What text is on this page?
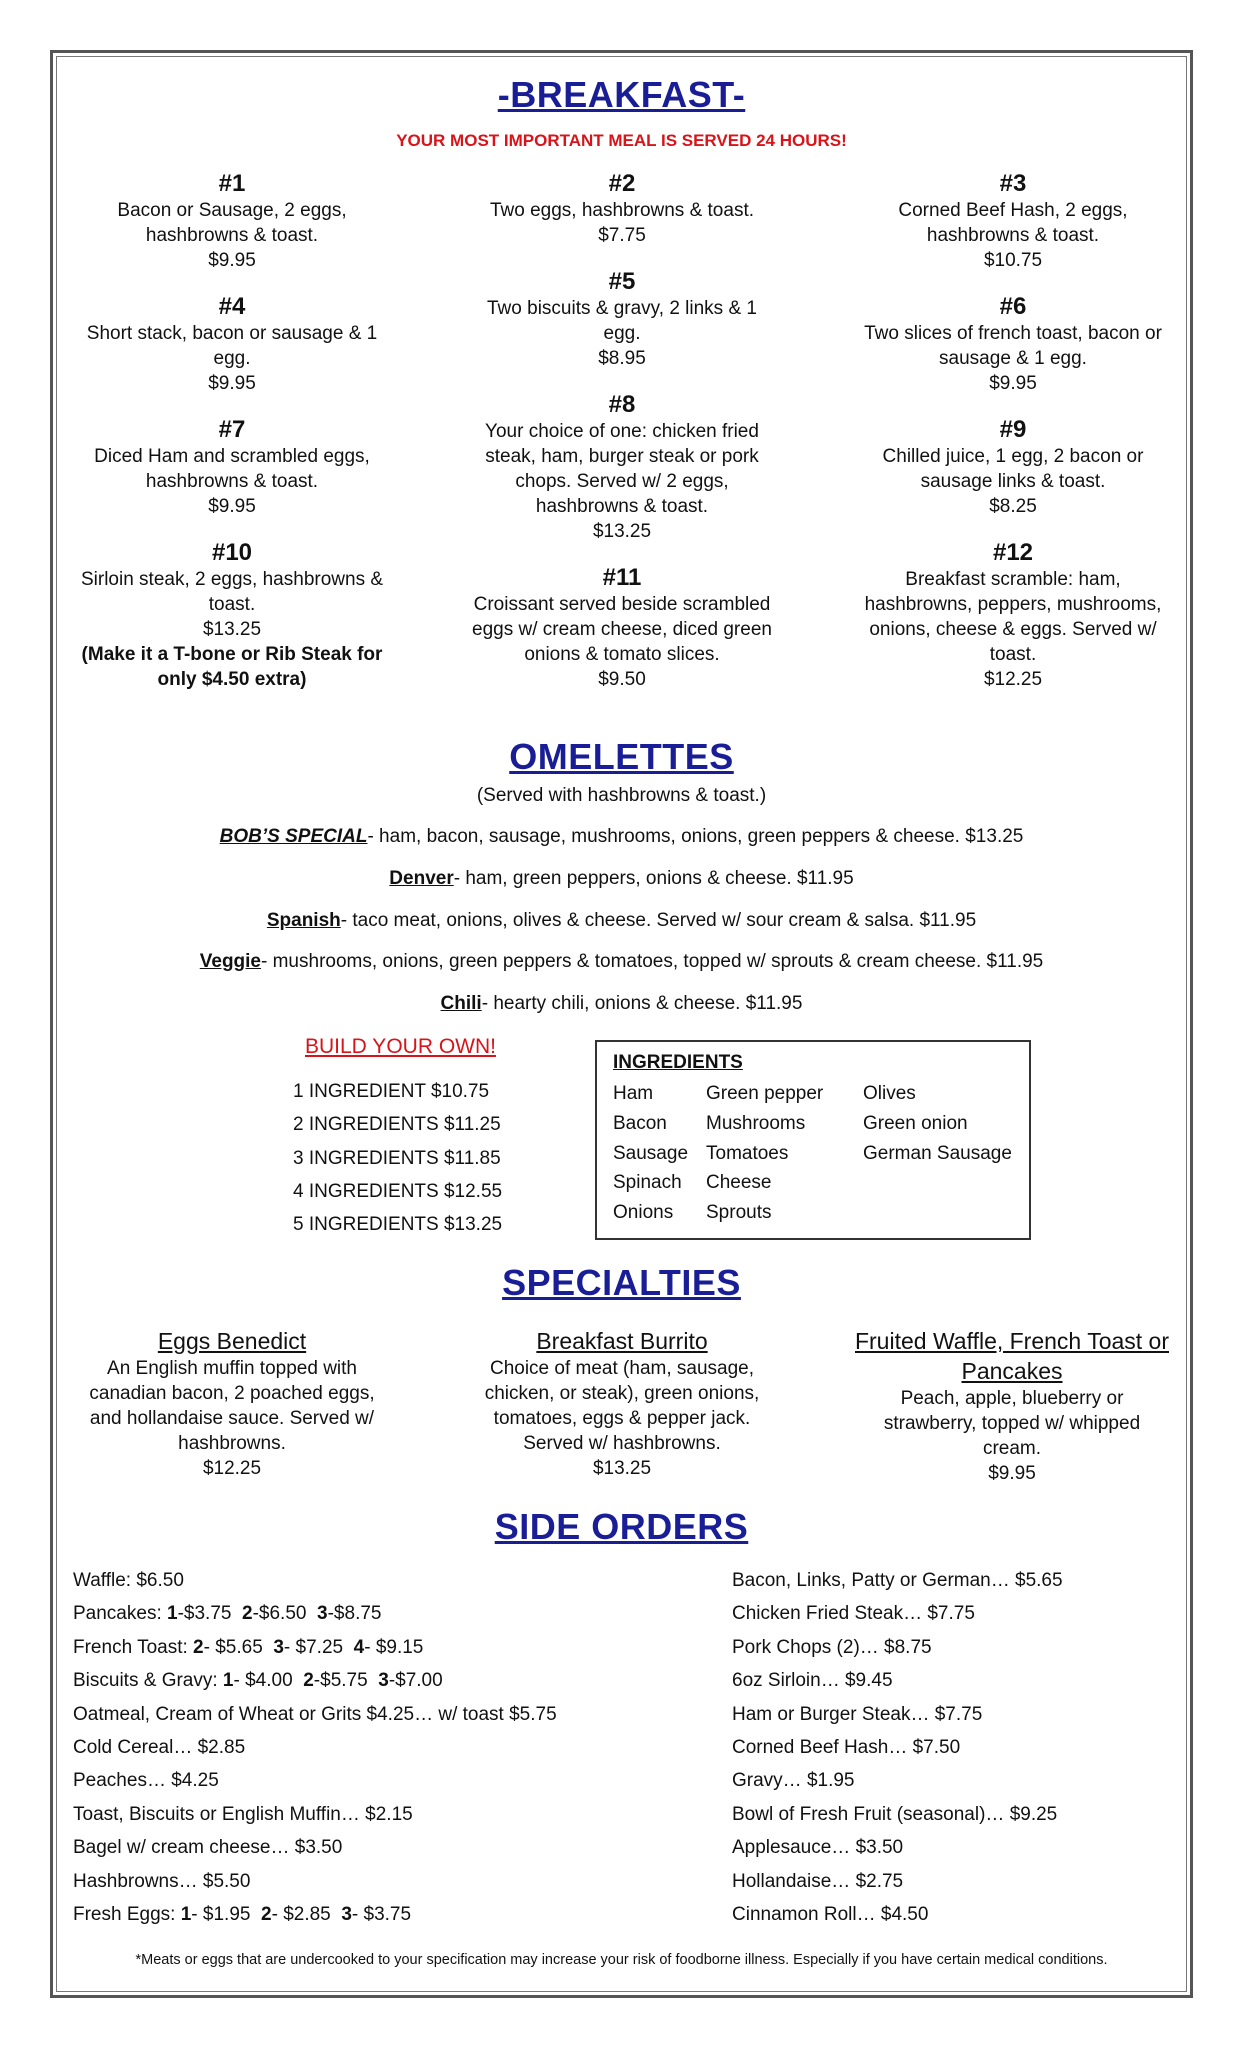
-BREAKFAST-
YOUR MOST IMPORTANT MEAL IS SERVED 24 HOURS!
#1
Bacon or Sausage, 2 eggs, hashbrowns & toast.
$9.95
#4
Short stack, bacon or sausage & 1 egg.
$9.95
#7
Diced Ham and scrambled eggs, hashbrowns & toast.
$9.95
#10
Sirloin steak, 2 eggs, hashbrowns & toast.
$13.25
(Make it a T-bone or Rib Steak for only $4.50 extra)
#2
Two eggs, hashbrowns & toast.
$7.75
#5
Two biscuits & gravy, 2 links & 1 egg.
$8.95
#8
Your choice of one: chicken fried steak, ham, burger steak or pork chops. Served w/ 2 eggs, hashbrowns & toast.
$13.25
#11
Croissant served beside scrambled eggs w/ cream cheese, diced green onions & tomato slices.
$9.50
#3
Corned Beef Hash, 2 eggs, hashbrowns & toast.
$10.75
#6
Two slices of french toast, bacon or sausage & 1 egg.
$9.95
#9
Chilled juice, 1 egg, 2 bacon or sausage links & toast.
$8.25
#12
Breakfast scramble: ham, hashbrowns, peppers, mushrooms, onions, cheese & eggs. Served w/ toast.
$12.25
OMELETTES
(Served with hashbrowns & toast.)
BOB’S SPECIAL- ham, bacon, sausage, mushrooms, onions, green peppers & cheese. $13.25
Denver- ham, green peppers, onions & cheese. $11.95
Spanish- taco meat, onions, olives & cheese. Served w/ sour cream & salsa. $11.95
Veggie- mushrooms, onions, green peppers & tomatoes, topped w/ sprouts & cream cheese. $11.95
Chili- hearty chili, onions & cheese. $11.95
BUILD YOUR OWN!
1 INGREDIENT $10.75
2 INGREDIENTS $11.25
3 INGREDIENTS $11.85
4 INGREDIENTS $12.55
5 INGREDIENTS $13.25
INGREDIENTS
Ham
Bacon
Sausage
Spinach
Onions
Green pepper
Mushrooms
Tomatoes
Cheese
Sprouts
Olives
Green onion
German Sausage
SPECIALTIES
Eggs Benedict
An English muffin topped with canadian bacon, 2 poached eggs, and hollandaise sauce. Served w/ hashbrowns.
$12.25
Breakfast Burrito
Choice of meat (ham, sausage, chicken, or steak), green onions, tomatoes, eggs & pepper jack. Served w/ hashbrowns.
$13.25
Fruited Waffle, French Toast or Pancakes
Peach, apple, blueberry or strawberry, topped w/ whipped cream.
$9.95
SIDE ORDERS
Waffle: $6.50
Pancakes: 1-$3.75  2-$6.50  3-$8.75
French Toast: 2- $5.65  3- $7.25  4- $9.15
Biscuits & Gravy: 1- $4.00  2-$5.75  3-$7.00
Oatmeal, Cream of Wheat or Grits $4.25… w/ toast $5.75
Cold Cereal… $2.85
Peaches… $4.25
Toast, Biscuits or English Muffin… $2.15
Bagel w/ cream cheese… $3.50
Hashbrowns… $5.50
Fresh Eggs: 1- $1.95  2- $2.85  3- $3.75
Bacon, Links, Patty or German… $5.65
Chicken Fried Steak… $7.75
Pork Chops (2)… $8.75
6oz Sirloin… $9.45
Ham or Burger Steak… $7.75
Corned Beef Hash… $7.50
Gravy… $1.95
Bowl of Fresh Fruit (seasonal)… $9.25
Applesauce… $3.50
Hollandaise… $2.75
Cinnamon Roll… $4.50
*Meats or eggs that are undercooked to your specification may increase your risk of foodborne illness. Especially if you have certain medical conditions.
